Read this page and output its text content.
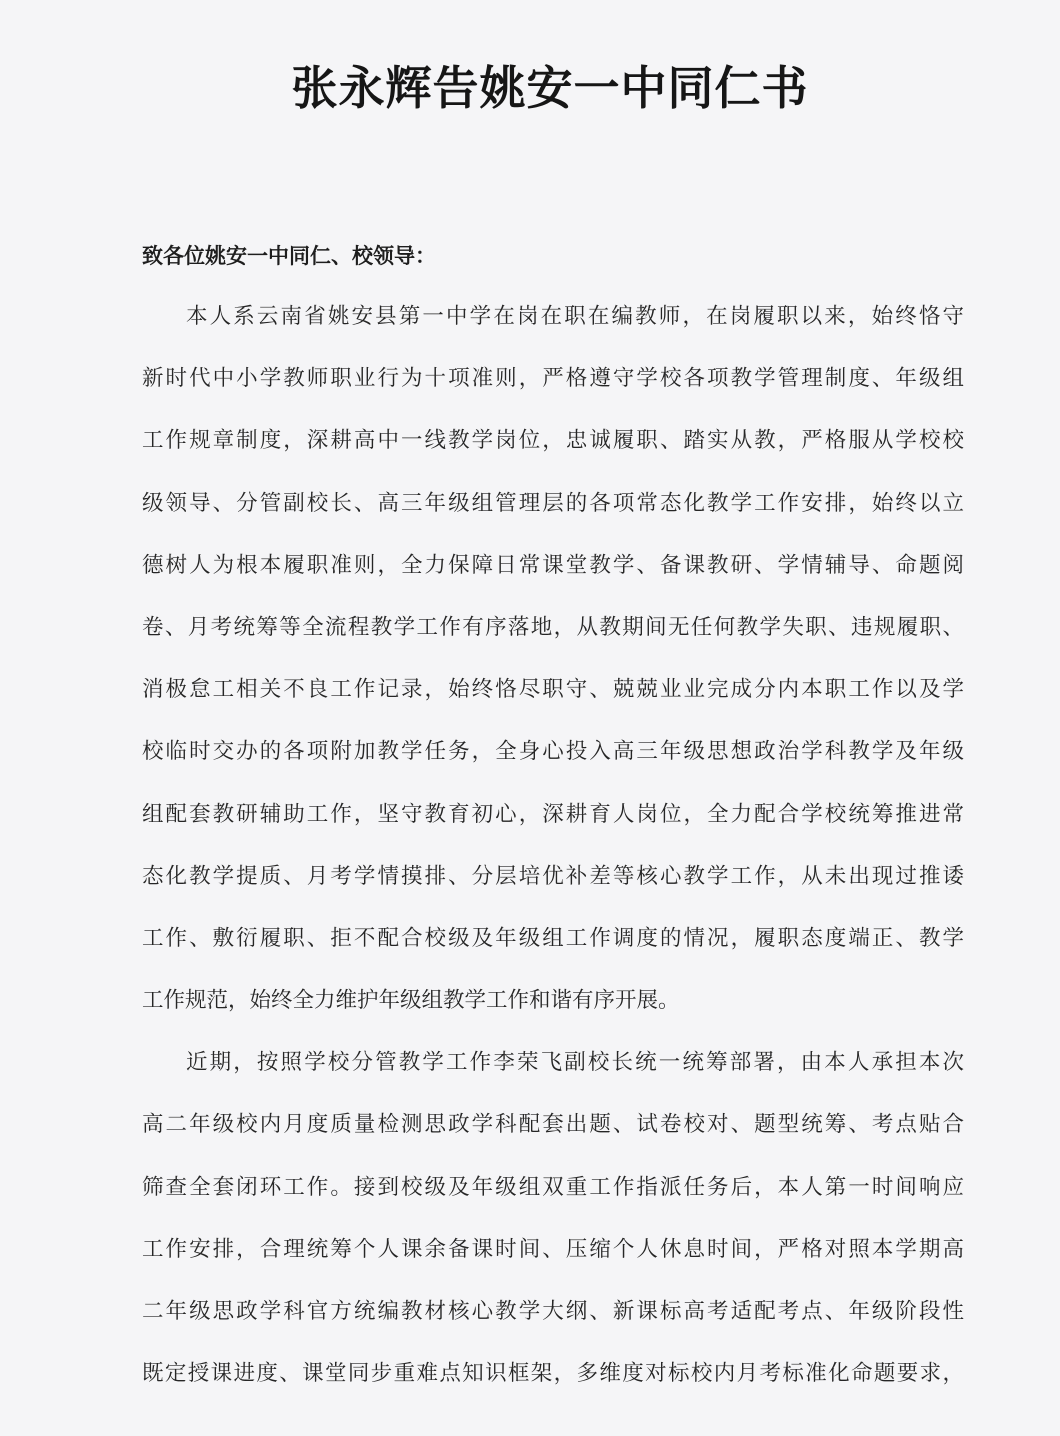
张永辉告姚安一中同仁书

致各位姚安一中同仁、校领导：

本人系云南省姚安县第一中学在岗在职在编教师，在岗履职以来，始终恪守
新时代中小学教师职业行为十项准则，严格遵守学校各项教学管理制度、年级组
工作规章制度，深耕高中一线教学岗位，忠诚履职、踏实从教，严格服从学校校
级领导、分管副校长、高三年级组管理层的各项常态化教学工作安排，始终以立
德树人为根本履职准则，全力保障日常课堂教学、备课教研、学情辅导、命题阅
卷、月考统筹等全流程教学工作有序落地，从教期间无任何教学失职、违规履职、
消极怠工相关不良工作记录，始终恪尽职守、兢兢业业完成分内本职工作以及学
校临时交办的各项附加教学任务，全身心投入高三年级思想政治学科教学及年级
组配套教研辅助工作，坚守教育初心，深耕育人岗位，全力配合学校统筹推进常
态化教学提质、月考学情摸排、分层培优补差等核心教学工作，从未出现过推诿
工作、敷衍履职、拒不配合校级及年级组工作调度的情况，履职态度端正、教学
工作规范，始终全力维护年级组教学工作和谐有序开展。
近期，按照学校分管教学工作李荣飞副校长统一统筹部署，由本人承担本次
高二年级校内月度质量检测思政学科配套出题、试卷校对、题型统筹、考点贴合
筛查全套闭环工作。接到校级及年级组双重工作指派任务后，本人第一时间响应
工作安排，合理统筹个人课余备课时间、压缩个人休息时间，严格对照本学期高
二年级思政学科官方统编教材核心教学大纲、新课标高考适配考点、年级阶段性
既定授课进度、课堂同步重难点知识框架，多维度对标校内月考标准化命题要求，
